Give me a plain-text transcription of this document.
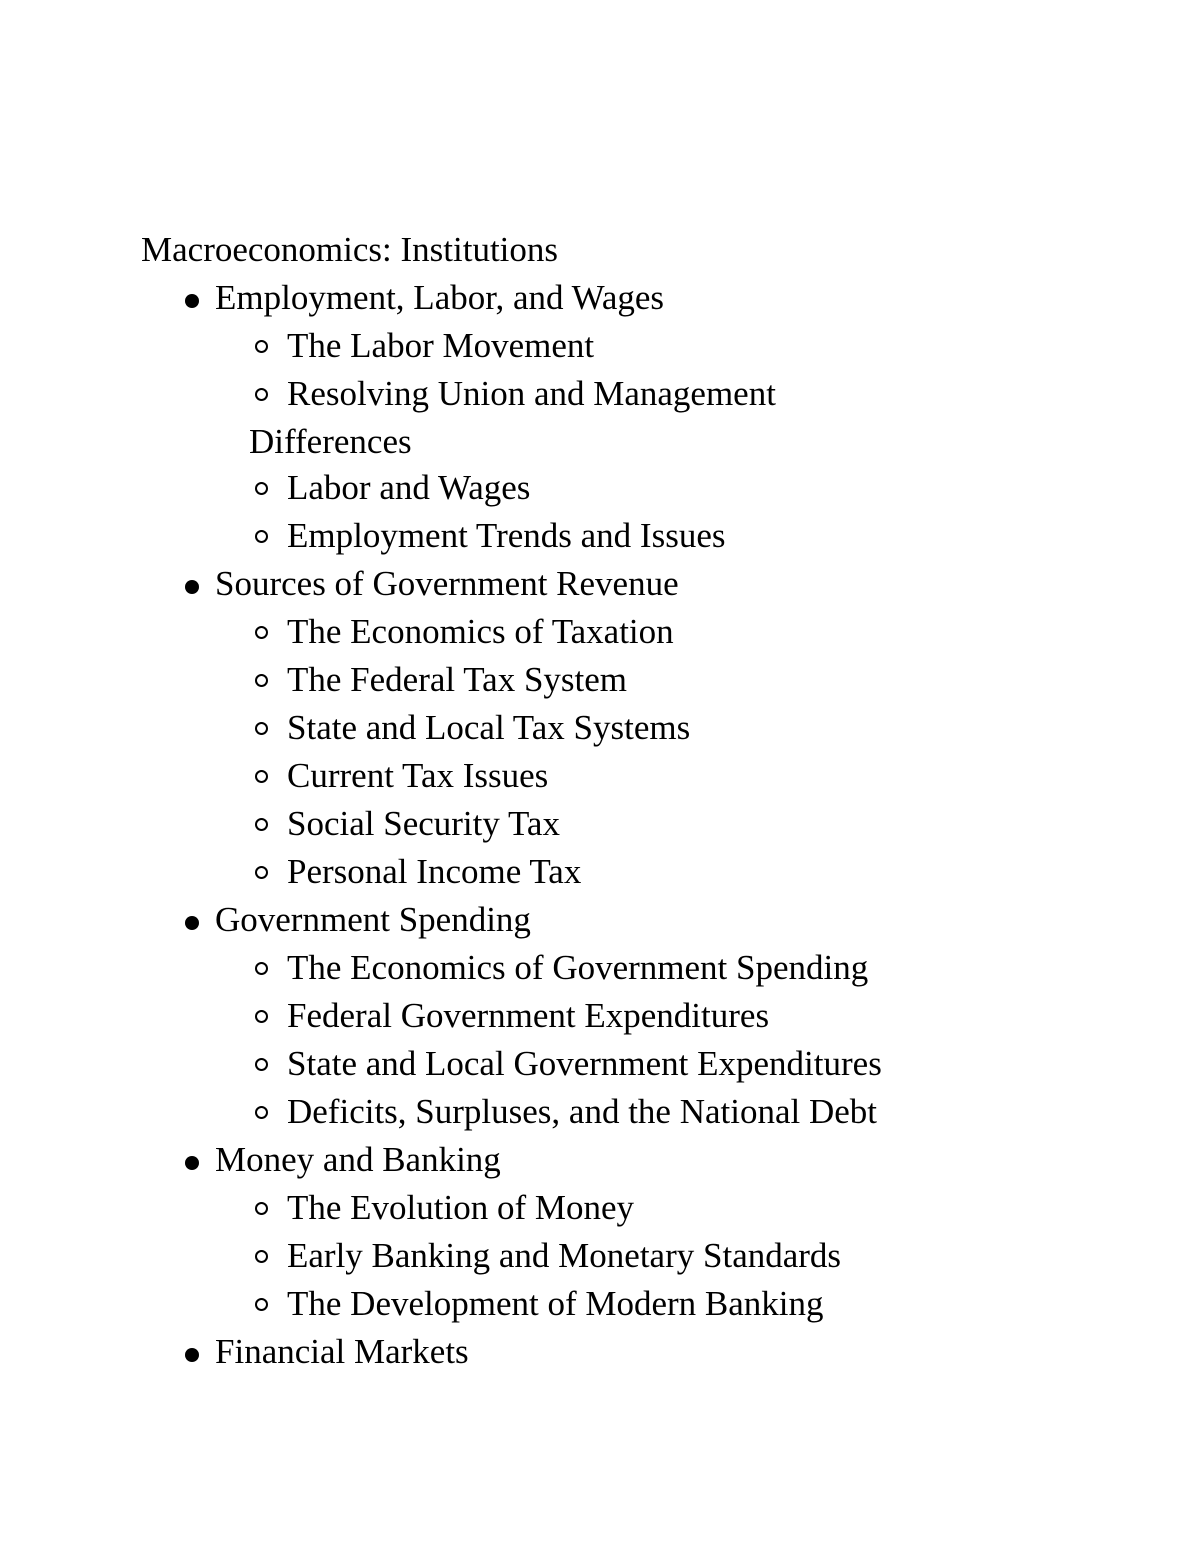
Macroeconomics: Institutions
Employment, Labor, and Wages
The Labor Movement
Resolving Union and Management
Differences
Labor and Wages
Employment Trends and Issues
Sources of Government Revenue
The Economics of Taxation
The Federal Tax System
State and Local Tax Systems
Current Tax Issues
Social Security Tax
Personal Income Tax
Government Spending
The Economics of Government Spending
Federal Government Expenditures
State and Local Government Expenditures
Deficits, Surpluses, and the National Debt
Money and Banking
The Evolution of Money
Early Banking and Monetary Standards
The Development of Modern Banking
Financial Markets
